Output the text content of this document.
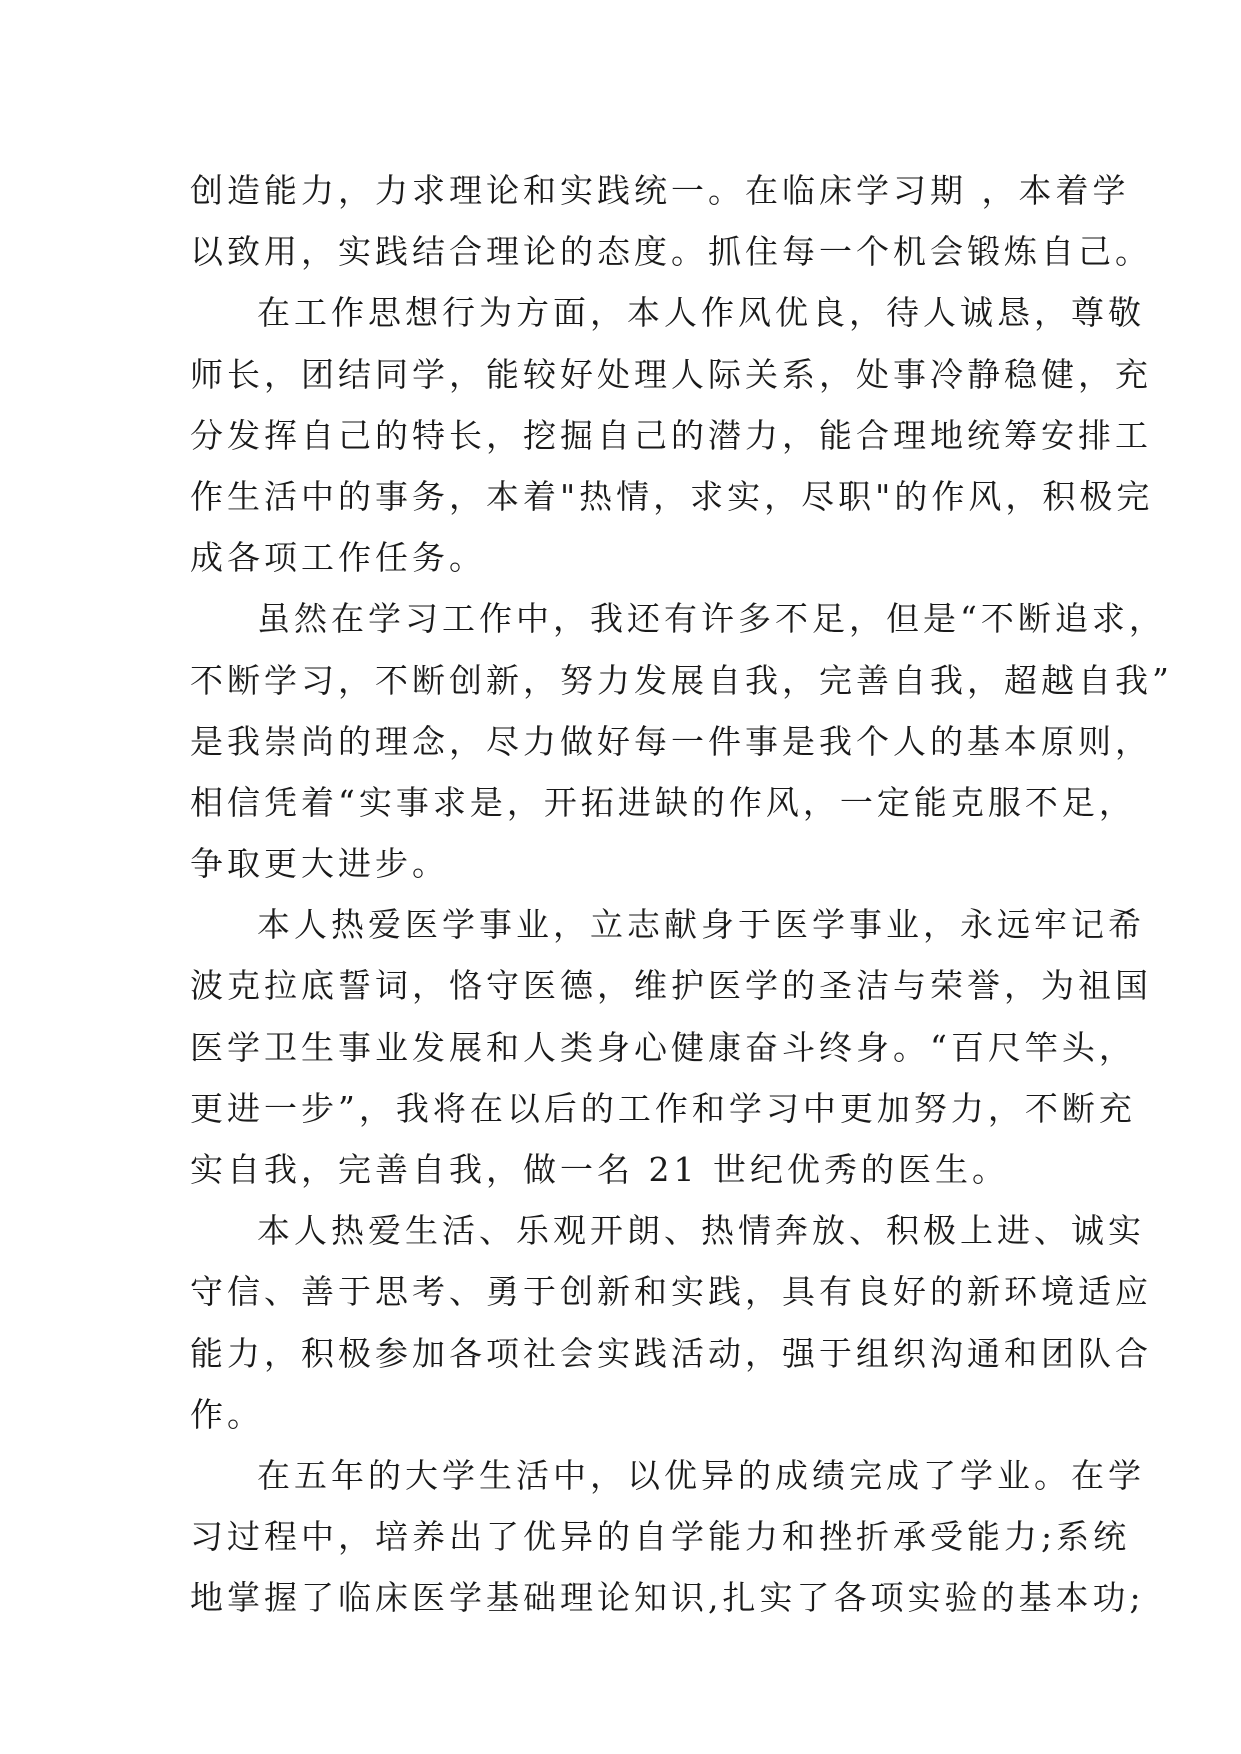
创造能力，力求理论和实践统一。在临床学习期 ，本着学
以致用，实践结合理论的态度。抓住每一个机会锻炼自己。
在工作思想行为方面，本人作风优良，待人诚恳，尊敬
师长，团结同学，能较好处理人际关系，处事冷静稳健，充
分发挥自己的特长，挖掘自己的潜力，能合理地统筹安排工
作生活中的事务，本着"热情，求实，尽职"的作风，积极完
成各项工作任务。
虽然在学习工作中，我还有许多不足，但是“不断追求，
不断学习，不断创新，努力发展自我，完善自我，超越自我”
是我崇尚的理念，尽力做好每一件事是我个人的基本原则，
相信凭着“实事求是，开拓进缺的作风，一定能克服不足，
争取更大进步。
本人热爱医学事业，立志献身于医学事业，永远牢记希
波克拉底誓词，恪守医德，维护医学的圣洁与荣誉，为祖国
医学卫生事业发展和人类身心健康奋斗终身。“百尺竿头，
更进一步”，我将在以后的工作和学习中更加努力，不断充
实自我，完善自我，做一名 21 世纪优秀的医生。
本人热爱生活、乐观开朗、热情奔放、积极上进、诚实
守信、善于思考、勇于创新和实践，具有良好的新环境适应
能力，积极参加各项社会实践活动，强于组织沟通和团队合
作。
在五年的大学生活中，以优异的成绩完成了学业。在学
习过程中，培养出了优异的自学能力和挫折承受能力;系统
地掌握了临床医学基础理论知识,扎实了各项实验的基本功;
